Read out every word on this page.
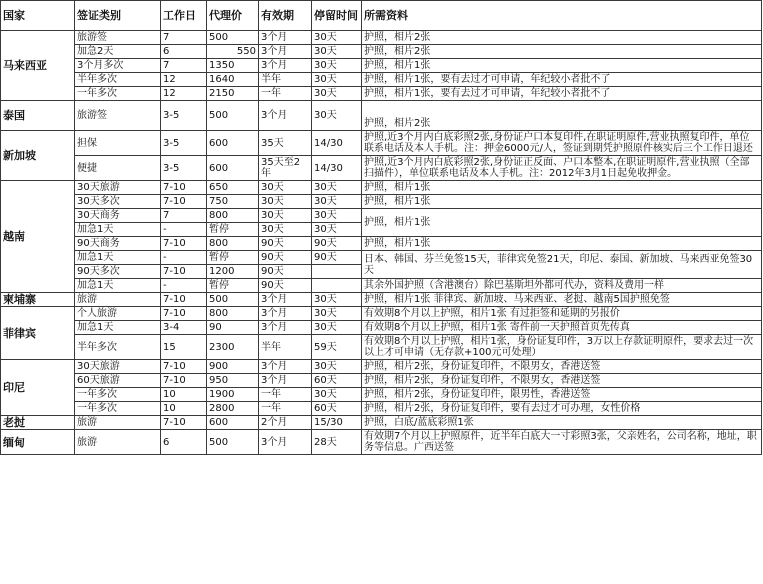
国家	签证类别	工作日	代理价	有效期	停留时间	所需资料
马来西亚	旅游签	7	500	3个月	30天	护照，相片2张
	加急2天	6	550	3个月	30天	护照，相片2张
	3个月多次	7	1350	3个月	30天	护照，相片1张
	半年多次	12	1640	半年	30天	护照，相片1张，要有去过才可申请，年纪较小者批不了
	一年多次	12	2150	一年	30天	护照，相片1张，要有去过才可申请，年纪较小者批不了
泰国	旅游签	3-5	500	3个月	30天	护照，相片2张
新加坡	担保	3-5	600	35天	14/30	护照,近3个月内白底彩照2张,身份证户口本复印件,在职证明原件,营业执照复印件，单位联系电话及本人手机。注：押金6000元/人，签证到期凭护照原件核实后三个工作日退还
	便捷	3-5	600	35天至2年	14/30	护照,近3个月内白底彩照2张,身份证正反面、户口本整本,在职证明原件,营业执照（全部扫描件），单位联系电话及本人手机。注：2012年3月1日起免收押金。
越南	30天旅游	7-10	650	30天	30天	护照，相片1张
	30天多次	7-10	750	30天	30天	护照，相片1张
	30天商务	7	800	30天	30天	护照，相片1张
	加急1天	-	暂停	30天	30天	
	90天商务	7-10	800	90天	90天	护照，相片1张
	加急1天	-	暂停	90天	90天	日本、韩国、芬兰免签15天，菲律宾免签21天，印尼、泰国、新加坡、马来西亚免签30天
	90天多次	7-10	1200	90天		
	加急1天	-	暂停	90天		其余外国护照（含港澳台）除巴基斯坦外都可代办，资料及费用一样
柬埔寨	旅游	7-10	500	3个月	30天	护照，相片1张 菲律宾、新加坡、马来西亚、老挝、越南5国护照免签
菲律宾	个人旅游	7-10	800	3个月	30天	有效期8个月以上护照，相片1张 有过拒签和延期的另报价
	加急1天	3-4	90	3个月	30天	有效期8个月以上护照，相片1张 寄件前一天护照首页先传真
	半年多次	15	2300	半年	59天	有效期8个月以上护照，相片1张，身份证复印件，3万以上存款证明原件，要求去过一次以上才可申请（无存款+100元可处理）
印尼	30天旅游	7-10	900	3个月	30天	护照，相片2张，身份证复印件，不限男女，香港送签
	60天旅游	7-10	950	3个月	60天	护照，相片2张，身份证复印件，不限男女，香港送签
	一年多次	10	1900	一年	30天	护照，相片2张，身份证复印件，限男性，香港送签
	一年多次	10	2800	一年	60天	护照，相片2张，身份证复印件，要有去过才可办理，女性价格
老挝	旅游	7-10	600	2个月	15/30	护照，白底/蓝底彩照1张
缅甸	旅游	6	500	3个月	28天	有效期7个月以上护照原件，近半年白底大一寸彩照3张，父亲姓名，公司名称，地址，职务等信息。广西送签
